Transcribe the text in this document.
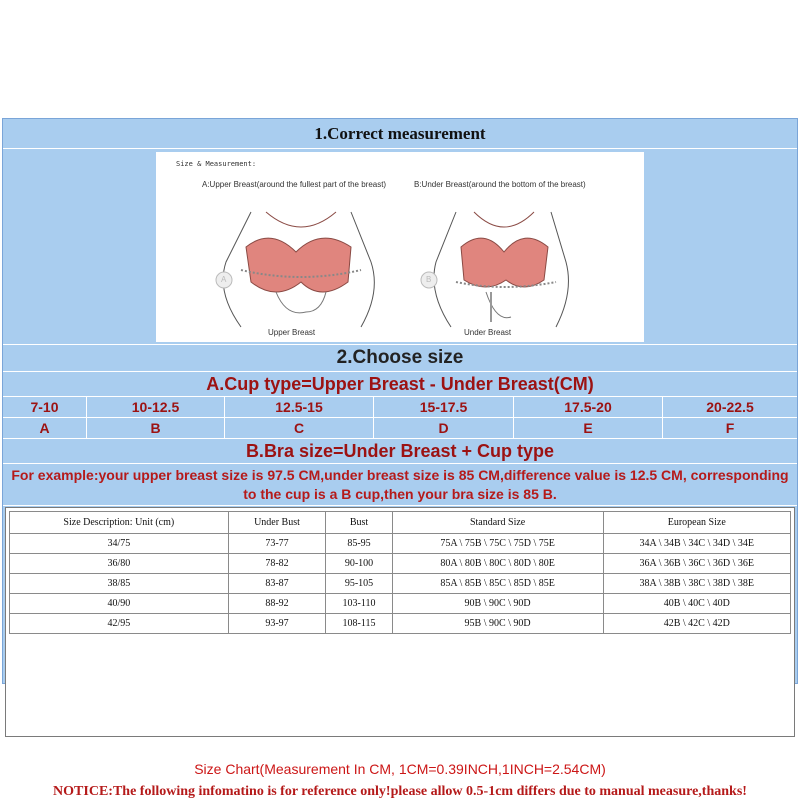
1.Correct measurement
Size & Measurement:
A:Upper Breast(around the fullest part of the breast)	B:Under Breast(around the bottom of the breast)
A	B
Upper Breast	Under Breast
2.Choose size
A.Cup type=Upper Breast - Under Breast(CM)
7-10	10-12.5	12.5-15	15-17.5	17.5-20	20-22.5
A	B	C	D	E	F
B.Bra size=Under Breast + Cup type
For example:your upper breast size is 97.5 CM,under breast size is 85 CM,difference value is 12.5 CM, corresponding to the cup is a B cup,then your bra size is 85 B.
Size Description: Unit (cm)	Under Bust	Bust	Standard Size	European Size
34/75	73-77	85-95	75A \ 75B \ 75C \ 75D \ 75E	34A \ 34B \ 34C \ 34D \ 34E
36/80	78-82	90-100	80A \ 80B \ 80C \ 80D \ 80E	36A \ 36B \ 36C \ 36D \ 36E
38/85	83-87	95-105	85A \ 85B \ 85C \ 85D \ 85E	38A \ 38B \ 38C \ 38D \ 38E
40/90	88-92	103-110	90B \ 90C \ 90D	40B \ 40C \ 40D
42/95	93-97	108-115	95B \ 90C \ 90D	42B \ 42C \ 42D
Size Chart(Measurement In CM, 1CM=0.39INCH,1INCH=2.54CM)
NOTICE:The following infomatino is for reference only!please allow 0.5-1cm differs due to manual measure,thanks!
